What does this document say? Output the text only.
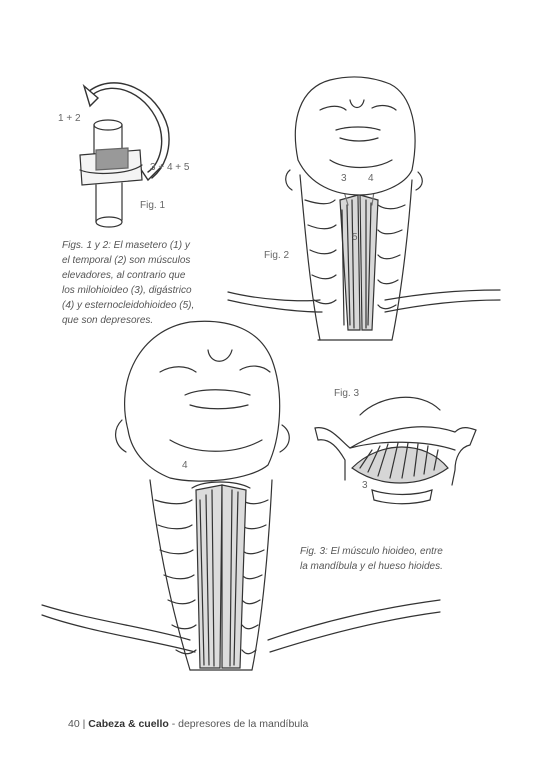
1 + 2
3 + 4 + 5
Fig. 1
Figs. 1 y 2: El masetero (1) y
el temporal (2) son músculos
elevadores, al contrario que
los milohioideo (3), digástrico
(4) y esternocleidohioideo (5),
que son depresores.
Fig. 2
3 4
5
Fig. 3
3
4
Fig. 3: El músculo hioideo, entre
la mandíbula y el hueso hioides.
40 | Cabeza & cuello - depresores de la mandíbula
